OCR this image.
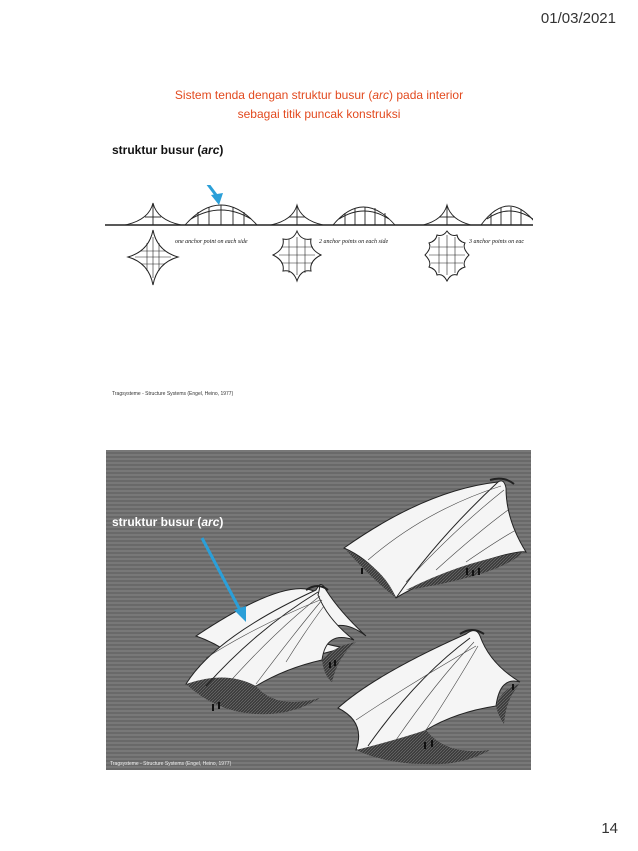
01/03/2021
Sistem tenda dengan struktur busur (arc) pada interior
sebagai titik puncak konstruksi
struktur busur (arc)
one anchor point on each side	2 anchor points on each side	3 anchor points on eac
Tragsysteme - Structure Systems (Engel, Heino, 1977)
struktur busur (arc)
Tragsysteme - Structure Systems (Engel, Heino, 1977)
14
